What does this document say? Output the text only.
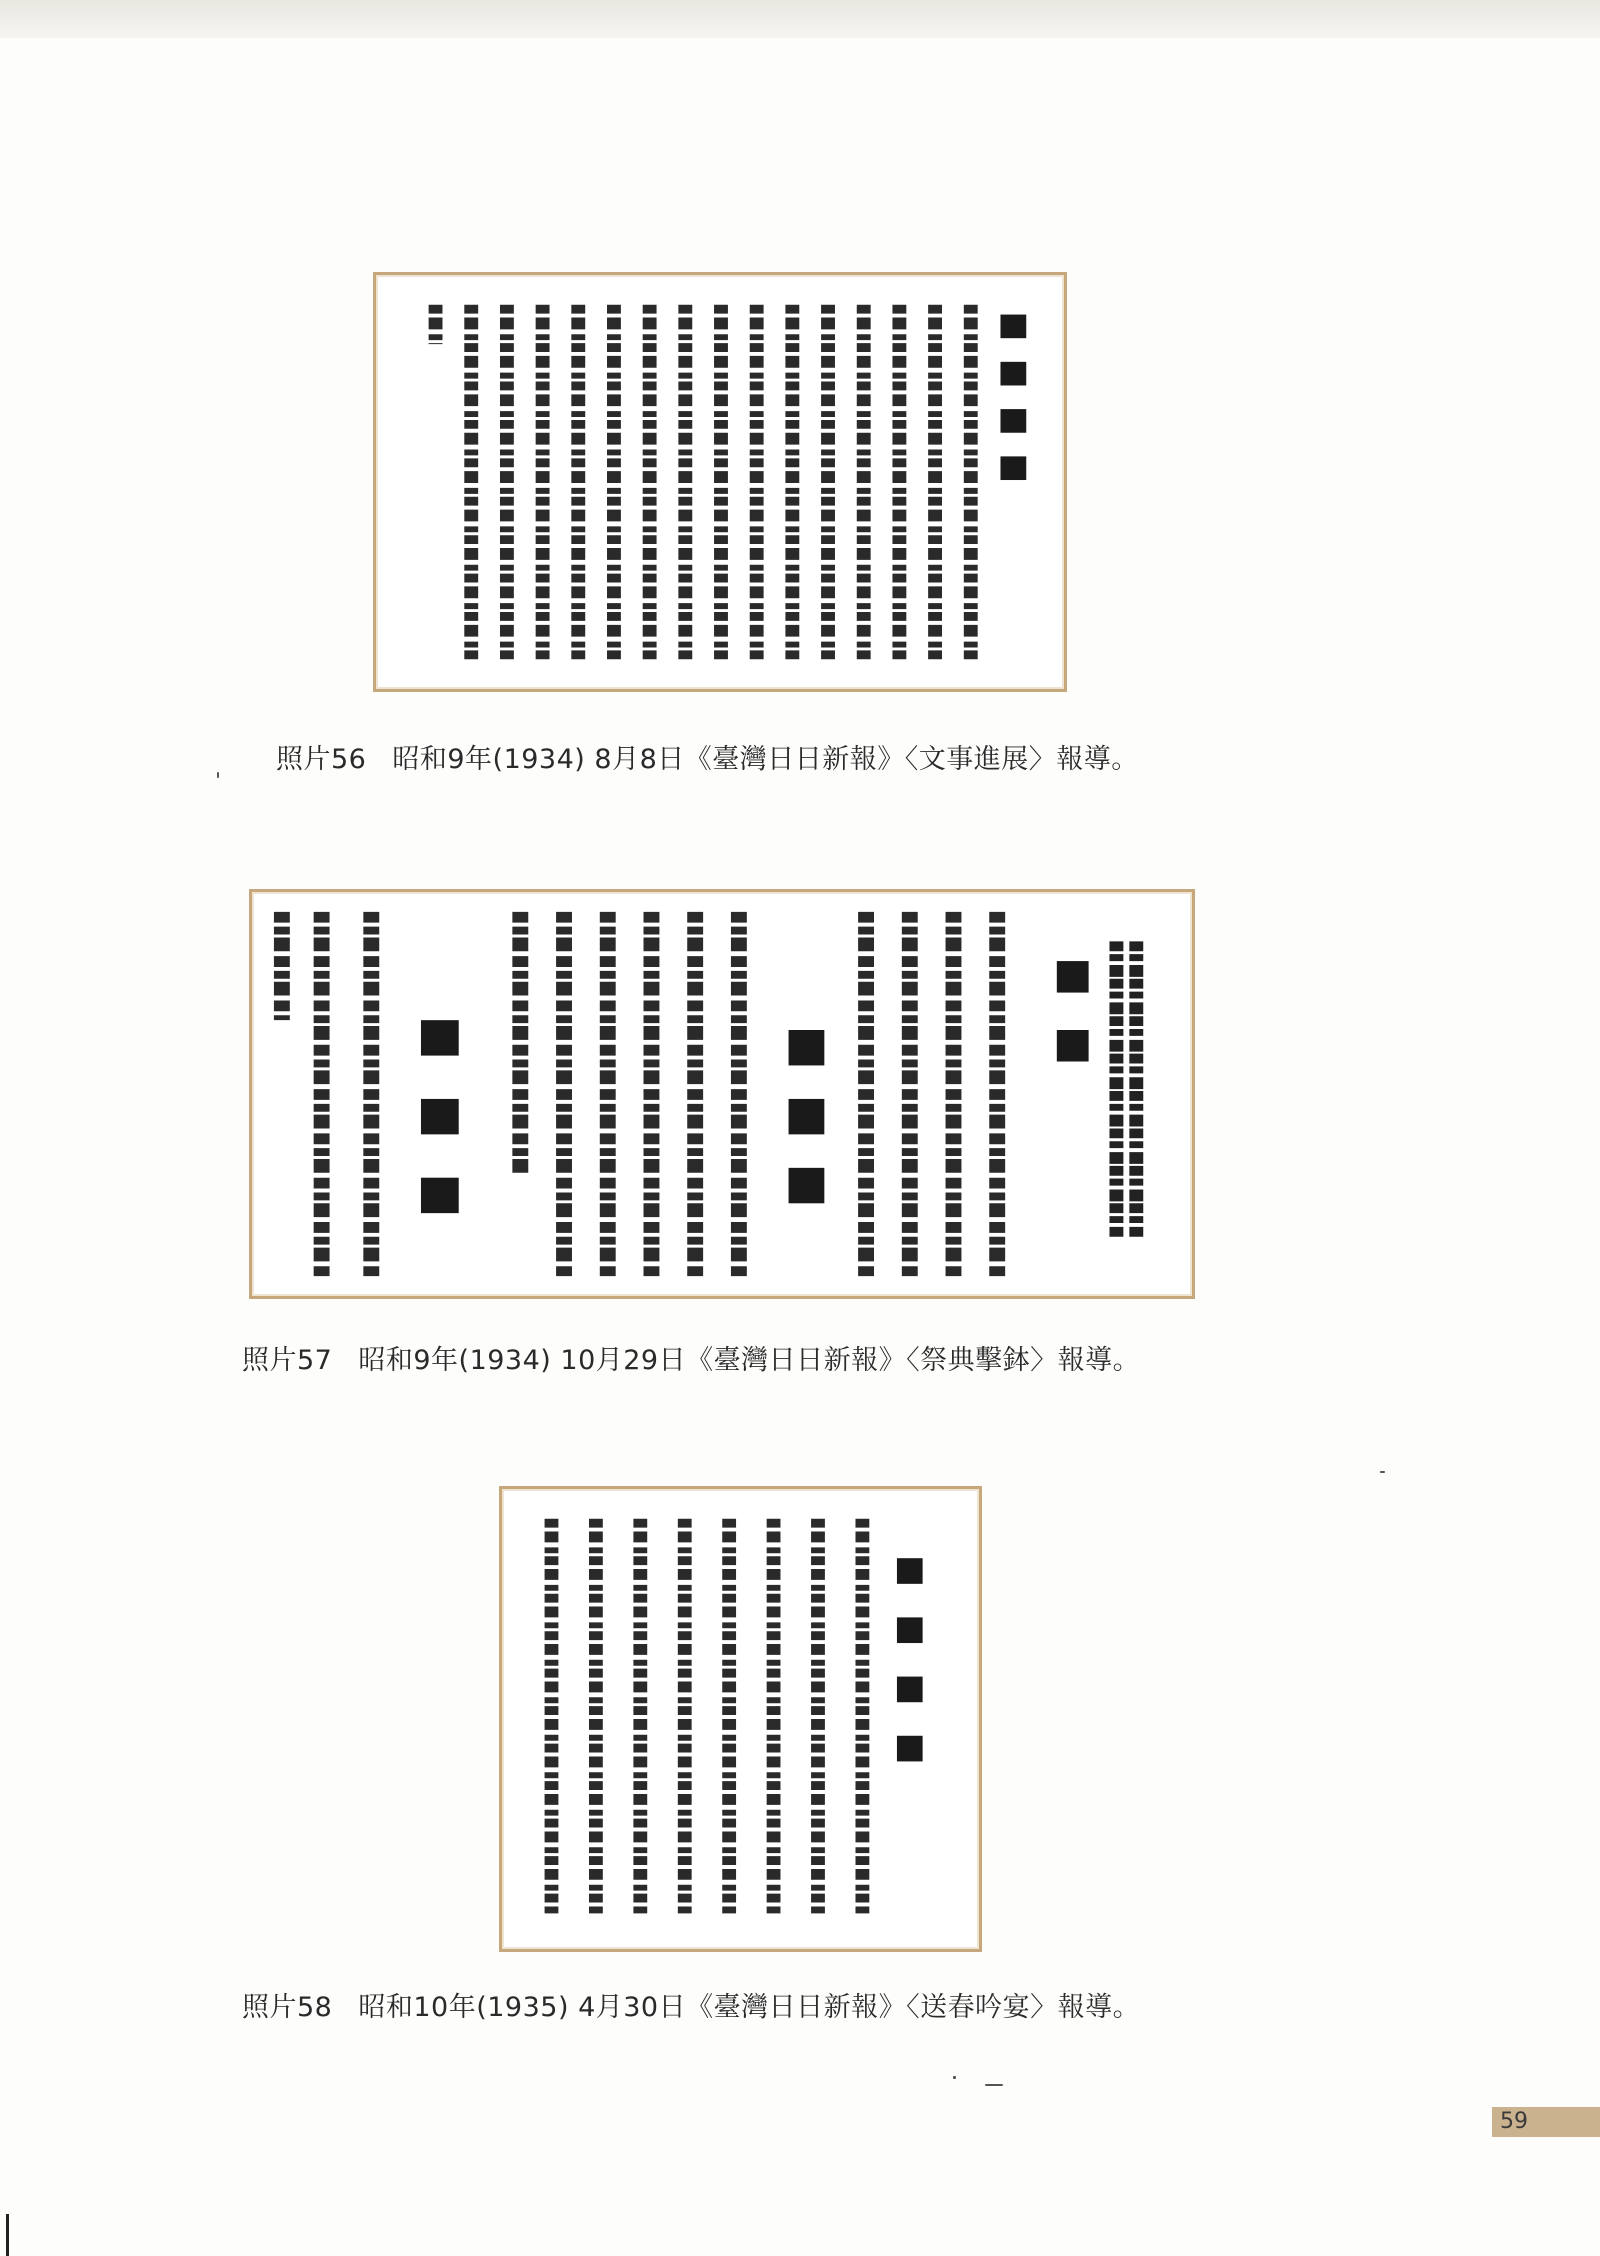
照片56 昭和9年(1934) 8月8日《臺灣日日新報》〈文事進展〉報導。
照片57 昭和9年(1934) 10月29日《臺灣日日新報》〈祭典擊鉢〉報導。
照片58 昭和10年(1935) 4月30日《臺灣日日新報》〈送春吟宴〉報導。
59
